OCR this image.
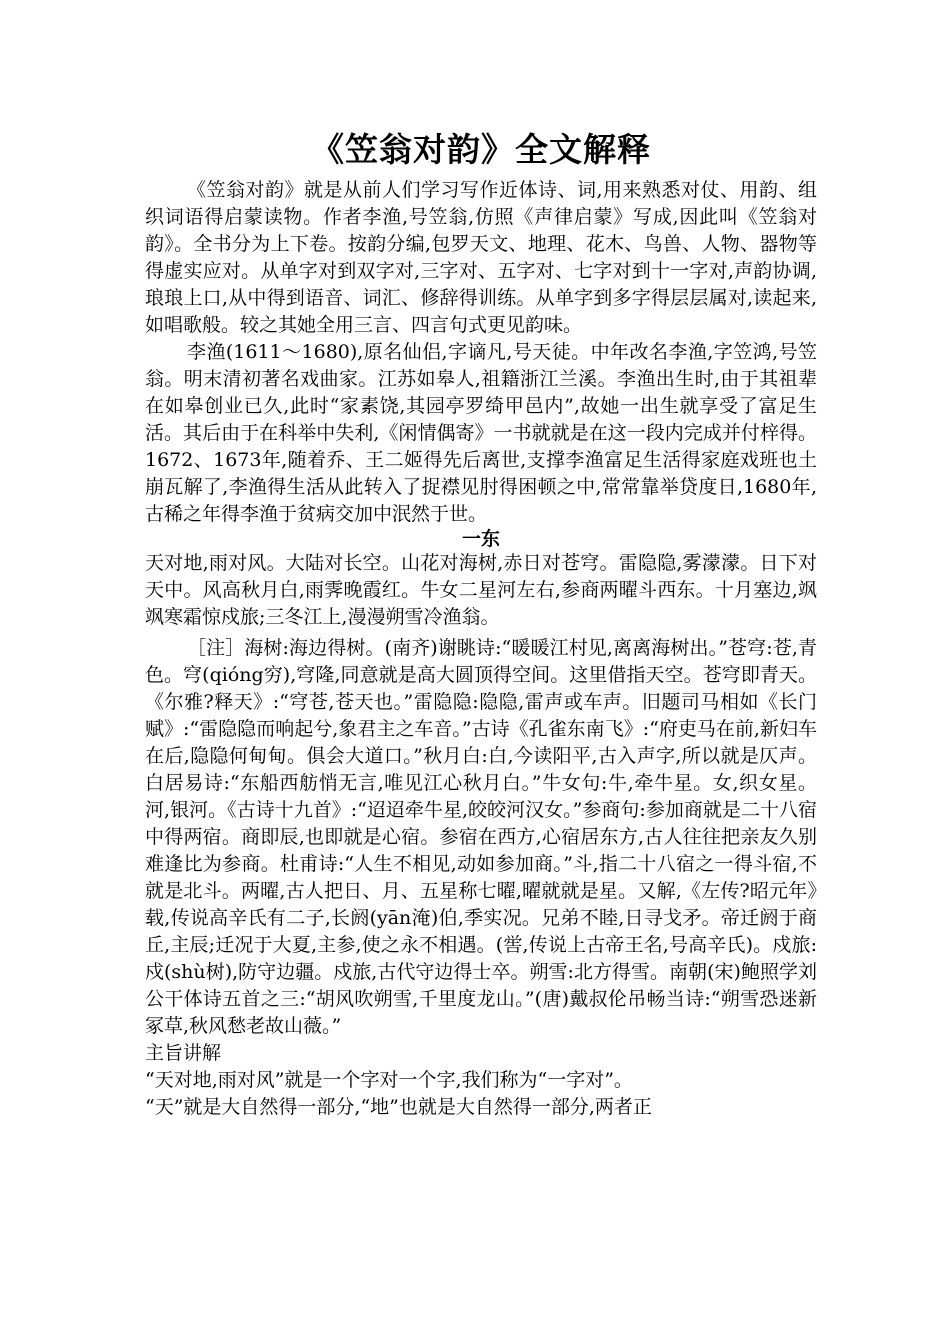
《笠翁对韵》全文解释

《笠翁对韵》就是从前人们学习写作近体诗、词,用来熟悉对仗、用韵、组织词语得启蒙读物。作者李渔,号笠翁,仿照《声律启蒙》写成,因此叫《笠翁对韵》。全书分为上下卷。按韵分编,包罗天文、地理、花木、鸟兽、人物、器物等得虚实应对。从单字对到双字对,三字对、五字对、七字对到十一字对,声韵协调,琅琅上口,从中得到语音、词汇、修辞得训练。从单字到多字得层层属对,读起来,如唱歌般。较之其她全用三言、四言句式更见韵味。

李渔(1611～1680),原名仙侣,字谪凡,号天徒。中年改名李渔,字笠鸿,号笠翁。明末清初著名戏曲家。江苏如皋人,祖籍浙江兰溪。李渔出生时,由于其祖辈在如皋创业已久,此时“家素饶,其园亭罗绮甲邑内”,故她一出生就享受了富足生活。其后由于在科举中失利,《闲情偶寄》一书就就是在这一段内完成并付梓得。1672、1673年,随着乔、王二姬得先后离世,支撑李渔富足生活得家庭戏班也土崩瓦解了,李渔得生活从此转入了捉襟见肘得困顿之中,常常靠举贷度日,1680年,古稀之年得李渔于贫病交加中泯然于世。

一东

天对地,雨对风。大陆对长空。山花对海树,赤日对苍穹。雷隐隐,雾濛濛。日下对天中。风高秋月白,雨霁晚霞红。牛女二星河左右,参商两曜斗西东。十月塞边,飒飒寒霜惊戍旅;三冬江上,漫漫朔雪冷渔翁。

［注］海树:海边得树。(南齐)谢眺诗:“暖暖江村见,离离海树出。”苍穹:苍,青色。穹(qióng穷),穹隆,同意就是高大圆顶得空间。这里借指天空。苍穹即青天。《尔雅?释天》:“穹苍,苍天也。”雷隐隐:隐隐,雷声或车声。旧题司马相如《长门赋》:“雷隐隐而响起兮,象君主之车音。”古诗《孔雀东南飞》:“府吏马在前,新妇车在后,隐隐何甸甸。俱会大道口。”秋月白:白,今读阳平,古入声字,所以就是仄声。白居易诗:“东船西舫悄无言,唯见江心秋月白。”牛女句:牛,牵牛星。女,织女星。河,银河。《古诗十九首》:“迢迢牵牛星,皎皎河汉女。”参商句:参加商就是二十八宿中得两宿。商即辰,也即就是心宿。参宿在西方,心宿居东方,古人往往把亲友久别难逢比为参商。杜甫诗:“人生不相见,动如参加商。”斗,指二十八宿之一得斗宿,不就是北斗。两曜,古人把日、月、五星称七曜,曜就就是星。又解,《左传?昭元年》载,传说高辛氏有二子,长阏(yān淹)伯,季实况。兄弟不睦,日寻戈矛。帝迁阏于商丘,主辰;迁况于大夏,主参,使之永不相遇。(喾,传说上古帝王名,号高辛氏)。戍旅:戍(shù树),防守边疆。戍旅,古代守边得士卒。朔雪:北方得雪。南朝(宋)鲍照学刘公干体诗五首之三:“胡风吹朔雪,千里度龙山。”(唐)戴叔伦吊畅当诗:“朔雪恐迷新冢草,秋风愁老故山薇。”

主旨讲解

“天对地,雨对风”就是一个字对一个字,我们称为“一字对”。

“天”就是大自然得一部分,“地”也就是大自然得一部分,两者正
